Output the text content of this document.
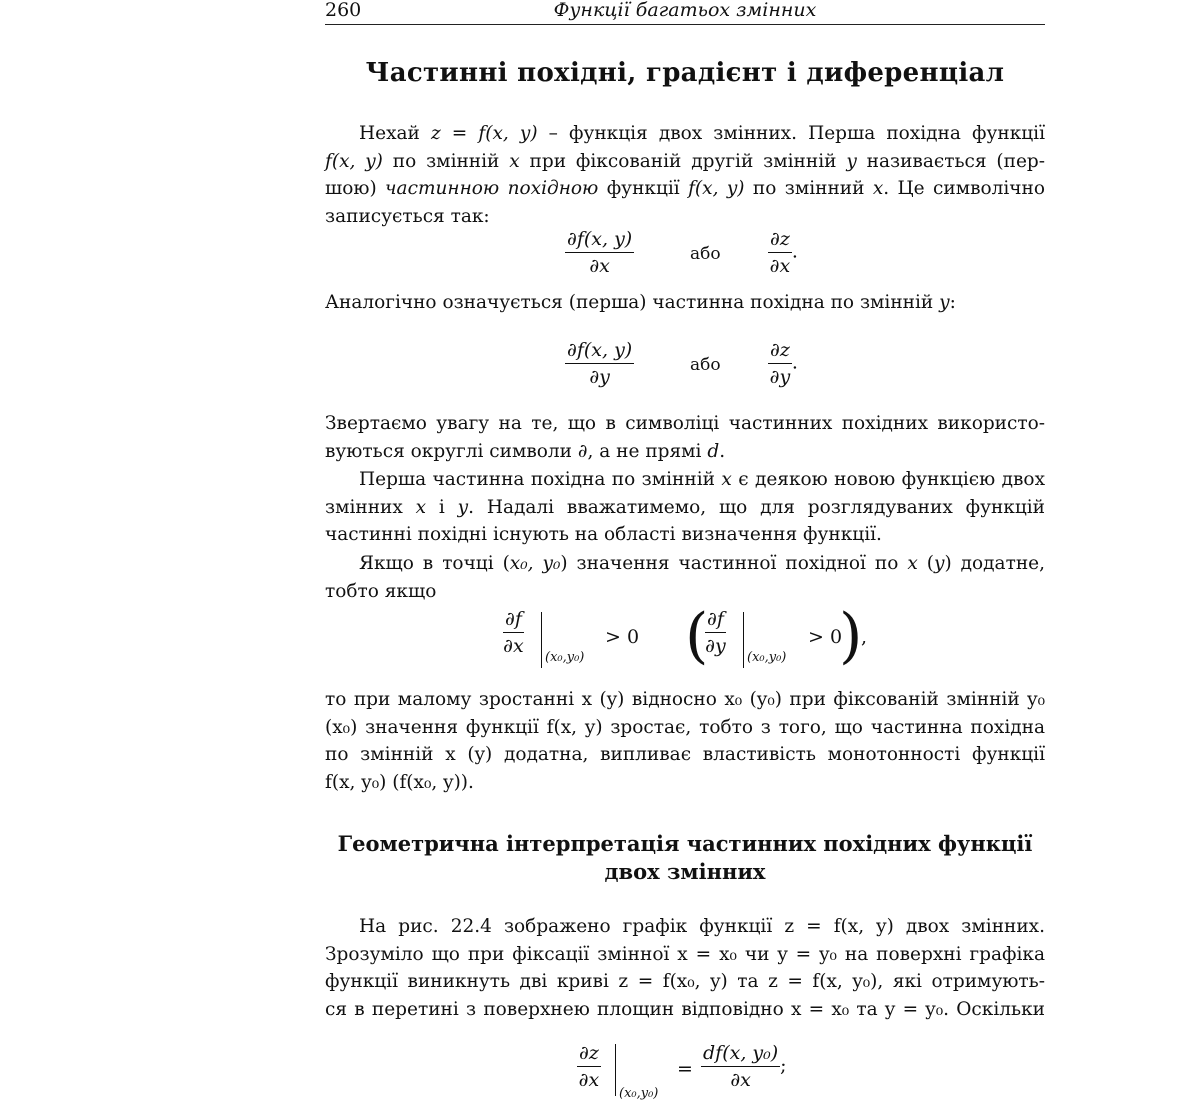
260	Функції багатьох змінних
Частинні похідні, градієнт і диференціал
Нехай z = f(x, y) – функція двох змінних. Перша похідна функції
f(x, y) по змінній x при фіксованій другій змінній y називається (пер-
шою) частинною похідною функції f(x, y) по змінний x. Це символічно
записується так:
$\frac{\partial f(x, y)}{\partial x}$	або $\frac{\partial z}{\partial x}$ .
Аналогічно означується (перша) частинна похідна по змінній y:
$\frac{\partial f(x, y)}{\partial y}$	або $\frac{\partial z}{\partial y}$ .
Звертаємо увагу на те, що в символіці частинних похідних використо-
вуються округлі символи ∂, а не прямі d.
Перша частинна похідна по змінній x є деякою новою функцією двох
змінних x і y. Надалі вважатимемо, що для розглядуваних функцій
частинні похідні існують на області визначення функції.
Якщо в точці (x₀, y₀) значення частинної похідної по x (y) додатне,
тобто якщо
$\frac{\partial f}{\partial x}$
(x₀,y₀)
> 0 (
$\frac{\partial f}{\partial y}$
(x₀,y₀)
> 0
)
,
то при малому зростанні x (y) відносно x₀ (y₀) при фіксованій змінній y₀
(x₀) значення функції f(x, y) зростає, тобто з того, що частинна похідна
по змінній x (y) додатна, випливає властивість монотонності функції
f(x, y₀) (f(x₀, y)).
Геометрична інтерпретація частинних похідних функції
двох змінних
На рис. 22.4 зображено графік функції z = f(x, y) двох змінних.
Зрозуміло що при фіксації змінної x = x₀ чи y = y₀ на поверхні графіка
функції виникнуть дві криві z = f(x₀, y) та z = f(x, y₀), які отримують-
ся в перетині з поверхнею площин відповідно x = x₀ та y = y₀. Оскільки
$\frac{\partial z}{\partial x}$
(x₀,y₀)
= $\frac{\text{df(x, y₀)}}{\partial x}$ ;
